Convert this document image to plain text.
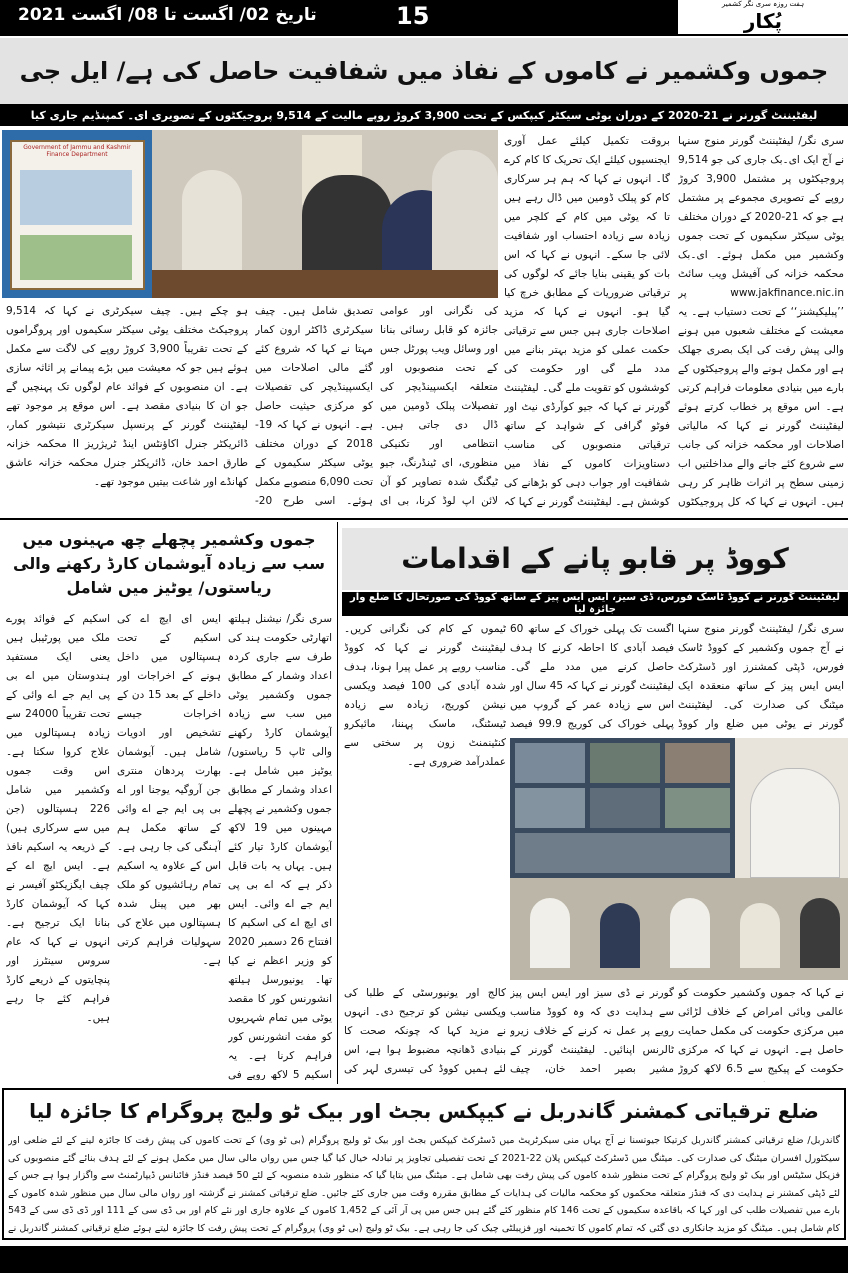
تاریخ 02/ اگست تا 08/ اگست 2021	15	ہفت روزہ سری نگر کشمیر
پُکار
جموں وکشمیر نے کاموں کے نفاذ میں شفافیت حاصل کی ہے/ ایل جی
لیفٹیننٹ گورنر نے 21-2020 کے دوران یوٹی سیکٹر کیپکس کے تحت 3,900 کروڑ روپے مالیت کے 9,514 پروجیکٹوں کے تصویری ای۔ کمپنڈیم جاری کیا
Government of Jammu and Kashmir Finance Department
سری نگر/ لیفٹیننٹ گورنر منوج سنہا نے آج ایک ای۔بک جاری کی جو 9,514 پروجیکٹوں پر مشتمل 3,900 کروڑ روپے کے تصویری مجموعے پر مشتمل ہے جو کہ 21-2020 کے دوران مختلف یوٹی سیکٹر سکیموں کے تحت جموں وکشمیر میں مکمل ہوئے۔ ای۔بک محکمہ خزانہ کی آفیشل ویب سائٹ www.jakfinance.nic.in پر ’’پبلیکیشنز‘‘ کے تحت دستیاب ہے۔ یہ معیشت کے مختلف شعبوں میں ہونے والی پیش رفت کی ایک بصری جھلک ہے اور مکمل ہونے والے پروجیکٹوں کے بارے میں بنیادی معلومات فراہم کرتی ہے۔ اس موقع پر خطاب کرتے ہوئے لیفٹیننٹ گورنر نے کہا کہ مالیاتی اصلاحات اور محکمہ خزانہ کی جانب سے شروع کئے جانے والے مداخلتیں اب زمینی سطح پر اثرات ظاہر کر رہی ہیں۔ انہوں نے کہا کہ کل پروجیکٹوں
بروقت تکمیل کیلئے عمل آوری ایجنسیوں کیلئے ایک تحریک کا کام کرے گا۔ انہوں نے کہا کہ ہم ہر سرکاری کام کو پبلک ڈومین میں ڈال رہے ہیں تا کہ یوٹی میں کام کے کلچر میں زیادہ سے زیادہ احتساب اور شفافیت لائی جا سکے۔ انہوں نے کہا کہ اس بات کو یقینی بنایا جائے کہ لوگوں کی ترقیاتی ضروریات کے مطابق خرچ کیا گیا ہو۔ انہوں نے کہا کہ مزید اصلاحات جاری ہیں جس سے ترقیاتی حکمت عملی کو مزید بہتر بنانے میں مدد ملے گی اور حکومت کی کوششوں کو تقویت ملے گی۔ لیفٹیننٹ گورنر نے کہا کہ جیو کوآرڈی نیٹ اور فوٹو گرافی کے شواہد کے ساتھ ترقیاتی منصوبوں کی مناسب دستاویزات کاموں کے نفاذ میں شفافیت اور جواب دہی کو بڑھانے کی کوشش ہے۔ لیفٹیننٹ گورنر نے کہا کہ
کی نگرانی اور عوامی جائزہ کو قابل رسائی بنانا اور وسائل ویب پورٹل جس کے تحت منصوبوں اور متعلقہ ایکسپینڈیچر کی تفصیلات پبلک ڈومین میں ڈال دی جاتی ہیں۔ انتظامی اور تکنیکی منظوری، ای ٹینڈرنگ، جیو ٹیگنگ شدہ تصاویر کو آن لائن اپ لوڈ کرنا، بی ای
تصدیق شامل ہیں۔ چیف سیکرٹری ڈاکٹر ارون کمار مہتا نے کہا کہ شروع کئے گئے مالی اصلاحات میں ایکسپینڈیچر کی تفصیلات کو مرکزی حیثیت حاصل ہے۔ انہوں نے کہا کہ 19-2018 کے دوران مختلف یوٹی سیکٹر سکیموں کے تحت 6,090 منصوبے مکمل ہوئے۔ اسی طرح 20-
ہو چکے ہیں۔ چیف سیکرٹری نے کہا کہ 9,514 پروجیکٹ مختلف یوٹی سیکٹر سکیموں اور پروگراموں کے تحت تقریباً 3,900 کروڑ روپے کی لاگت سے مکمل ہوئے ہیں جو کہ معیشت میں بڑے پیمانے پر اثاثہ سازی ہے۔ ان منصوبوں کے فوائد عام لوگوں تک پہنچیں گے جو ان کا بنیادی مقصد ہے۔ اس موقع پر موجود تھے لیفٹیننٹ گورنر کے پرنسپل سیکرٹری نتیشور کمار، ڈائریکٹر جنرل اکاؤنٹس اینڈ ٹریژریز II محکمہ خزانہ طارق احمد خان، ڈائریکٹر جنرل محکمہ خزانہ عاشق کھانڈے اور شاعت بیتیں موجود تھے۔
جموں وکشمیر پچھلے چھ مہینوں میں سب سے زیادہ آیوشمان کارڈ رکھنے والی ریاستوں/ یوٹیز میں شامل
سری نگر/ نیشنل ہیلتھ اتھارٹی حکومت ہند کی طرف سے جاری کردہ اعداد وشمار کے مطابق جموں وکشمیر یوٹی میں سب سے زیادہ آیوشمان کارڈ رکھنے والی ٹاپ 5 ریاستوں/ یوٹیز میں شامل ہے۔ اعداد وشمار کے مطابق جموں وکشمیر نے پچھلے مہینوں میں 19 لاکھ آیوشمان کارڈ تیار کئے ہیں۔ یہاں یہ بات قابل ذکر ہے کہ اے بی پی ایم جے اے وائی۔ ایس ای ایچ اے کی اسکیم کا افتتاح 26 دسمبر 2020 کو وزیر اعظم نے کیا تھا۔ یونیورسل ہیلتھ انشورنس کور کا مقصد یوٹی میں تمام شہریوں کو مفت انشورنس کور فراہم کرنا ہے۔ یہ اسکیم 5 لاکھ روپے فی
ایس ای ایچ اے کی اسکیم کے تحت ہسپتالوں میں داخل ہونے کے اخراجات اور داخلے کے بعد 15 دن کے اخراجات جیسے تشخیص اور ادویات شامل ہیں۔ آیوشمان بھارت پردھان منتری جن آروگیہ یوجنا اور اے بی پی ایم جے اے وائی کے ساتھ مکمل ہم آہنگی کی جا رہی ہے۔ اس کے علاوہ یہ اسکیم تمام رہائشیوں کو ملک بھر میں پینل شدہ ہسپتالوں میں علاج کی سہولیات فراہم کرتی ہے۔
اسکیم کے فوائد پورے ملک میں پورٹیبل ہیں یعنی ایک مستفید ہندوستان میں اے بی پی ایم جے اے وائی کے تحت تقریباً 24000 سے زیادہ ہسپتالوں میں علاج کروا سکتا ہے۔ اس وقت جموں وکشمیر میں شامل 226 ہسپتالوں (جن میں سے سرکاری ہیں) کے ذریعہ یہ اسکیم نافذ ہے۔ ایس ایچ اے کے چیف ایگزیکٹو آفیسر نے کہا کہ آیوشمان کارڈ بنانا ایک ترجیح ہے۔ انہوں نے کہا کہ عام سروس سینٹرز اور پنچایتوں کے ذریعے کارڈ فراہم کئے جا رہے ہیں۔
کووڈ پر قابو پانے کے اقدامات
لیفٹیننٹ گورنر نے کووڈ ٹاسک فورس، ڈی سیز، ایس ایس پیز کے ساتھ کووڈ کی صورتحال کا ضلع وار جائزہ لیا
سری نگر/ لیفٹیننٹ گورنر منوج سنہا نے آج جموں وکشمیر کے کووڈ ٹاسک فورس، ڈپٹی کمشنرز اور ڈسٹرکٹ ایس ایس پیز کے ساتھ منعقدہ ایک میٹنگ کی صدارت کی۔ لیفٹیننٹ گورنر نے یوٹی میں ضلع وار کووڈ
اگست تک پہلی خوراک کے ساتھ 60 فیصد آبادی کا احاطہ کرنے کا ہدف حاصل کرنے میں مدد ملے گی۔ لیفٹیننٹ گورنر نے کہا کہ 45 سال اور اس سے زیادہ عمر کے گروپ میں پہلی خوراک کی کوریج 99.9 فیصد
ٹیموں کے کام کی نگرانی کریں۔ لیفٹیننٹ گورنر نے کہا کہ کووڈ مناسب رویے پر عمل پیرا ہونا، ہدف شدہ آبادی کی 100 فیصد ویکسی نیشن کوریج، زیادہ سے زیادہ ٹیسٹنگ، ماسک پہننا، مائیکرو کنٹینمنٹ زون پر سختی سے عملدرآمد ضروری ہے۔
نے کہا کہ جموں وکشمیر حکومت کو عالمی وبائی امراض کے خلاف لڑائی میں مرکزی حکومت کی مکمل حمایت حاصل ہے۔ انہوں نے کہا کہ مرکزی حکومت کے پیکیج سے 6.5 لاکھ کروڑ
گورنر نے ڈی سیز اور ایس ایس پیز سے ہدایت دی کہ وہ کووڈ مناسب رویے پر عمل نہ کرنے کے خلاف زیرو ٹالرنس اپنائیں۔ لیفٹیننٹ گورنر کے مشیر بصیر احمد خان، چیف
کالج اور یونیورسٹی کے طلبا کی ویکسی نیشن کو ترجیح دی۔ انہوں نے مزید کہا کہ چونکہ صحت کا بنیادی ڈھانچہ مضبوط ہوا ہے، اس لئے ہمیں کووڈ کی تیسری لہر کی
ضلع ترقیاتی کمشنر گاندربل نے کیپکس بجٹ اور بیک ٹو ولیج پروگرام کا جائزہ لیا
گاندربل/ ضلع ترقیاتی کمشنر گاندربل کرتیکا جیوتسنا نے آج یہاں منی سیکرٹریٹ میں ڈسٹرکٹ کیپکس بجٹ اور بیک ٹو ولیج پروگرام (بی ٹو وی) کے تحت کاموں کی پیش رفت کا جائزہ لینے کے لئے ضلعی اور سیکٹورل افسران میٹنگ کی صدارت کی۔ میٹنگ میں ڈسٹرکٹ کیپکس پلان 22-2021 کے تحت تفصیلی تجاویز پر تبادلہ خیال کیا گیا جس میں رواں مالی سال میں مکمل ہونے کے لئے ہدف بنائے گئے منصوبوں کی فزیکل سٹیٹس اور بیک ٹو ولیج پروگرام کے تحت منظور شدہ کاموں کی پیش رفت بھی شامل ہے۔ میٹنگ میں بتایا گیا کہ منظور شدہ منصوبہ کے لئے 50 فیصد فنڈز فائنانس ڈیپارٹمنٹ سے واگزار ہوا ہے جس کے لئے ڈپٹی کمشنر نے ہدایت دی کہ فنڈز متعلقہ محکموں کو محکمہ مالیات کی ہدایات کے مطابق مقررہ وقت میں جاری کئے جائیں۔ ضلع ترقیاتی کمشنر نے گزشتہ اور رواں مالی سال میں منظور شدہ کاموں کے بارے میں تفصیلات طلب کی اور کہا کہ باقاعدہ سکیموں کے تحت 146 کام منظور کئے گئے ہیں جس میں پی آر آئی کے 1,452 کاموں کے علاوہ جاری اور نئے کام اور بی ڈی سی کے 111 اور ڈی ڈی سی کے 543 کام شامل ہیں۔ میٹنگ کو مزید جانکاری دی گئی کہ تمام کاموں کا تخمینہ اور فزیبلٹی چیک کی جا رہی ہے۔ بیک ٹو ولیج (بی ٹو وی) پروگرام کے تحت پیش رفت کا جائزہ لیتے ہوئے ضلع ترقیاتی کمشنر گاندربل نے
